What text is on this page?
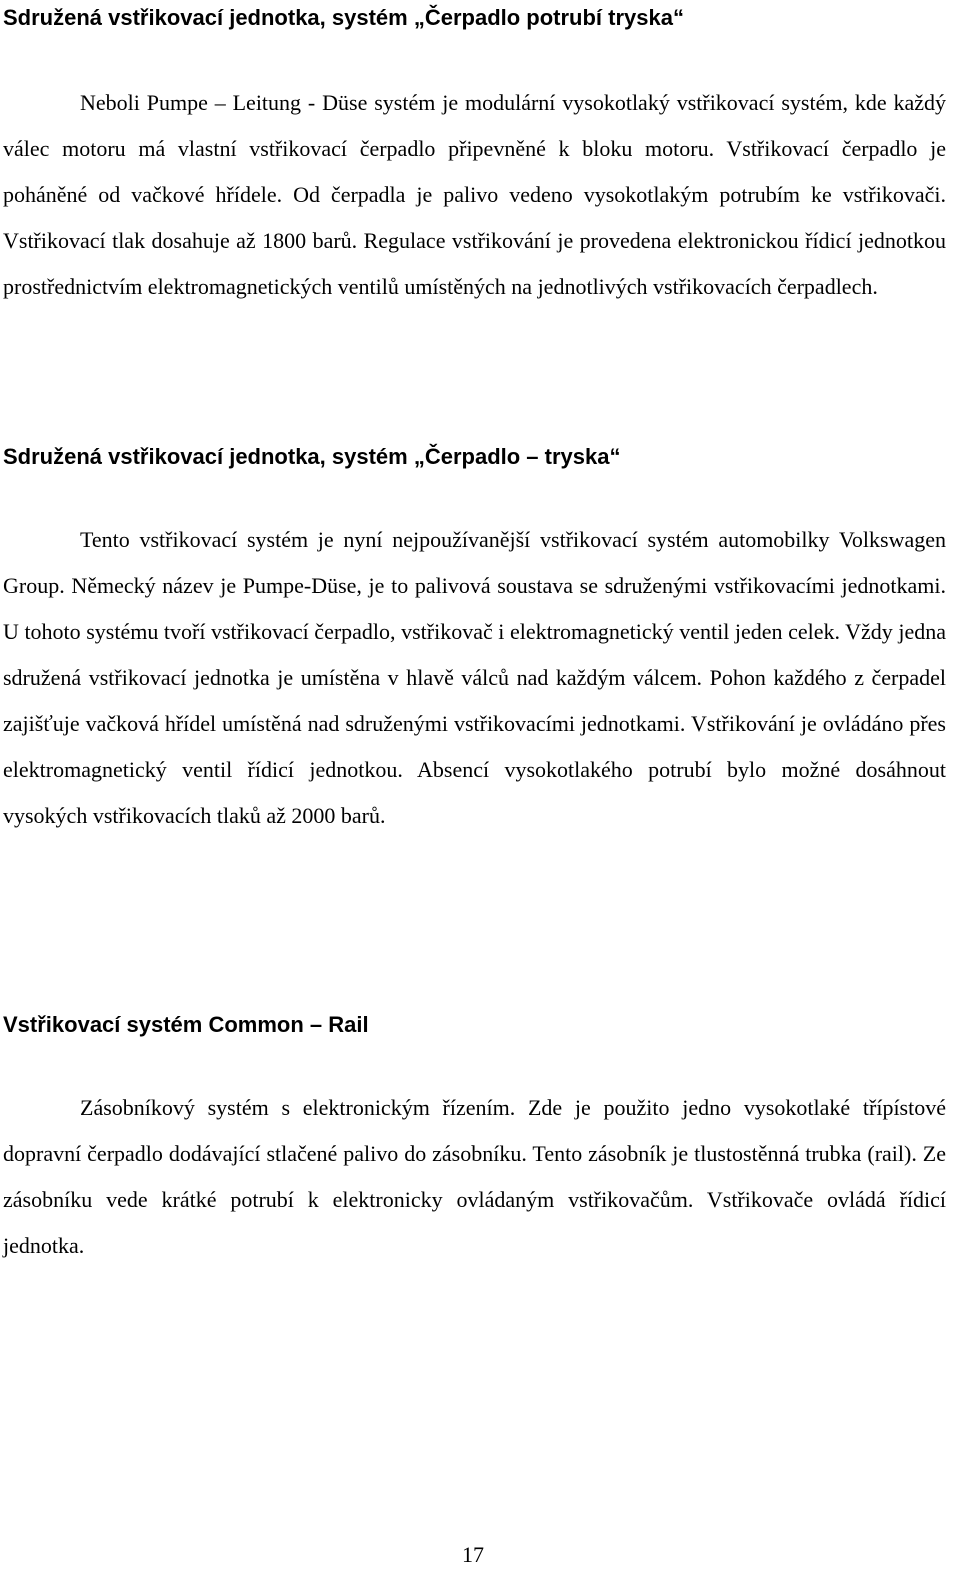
Sdružená vstřikovací jednotka, systém „Čerpadlo potrubí tryska“

Neboli Pumpe – Leitung - Düse systém je modulární vysokotlaký vstřikovací systém, kde každý válec motoru má vlastní vstřikovací čerpadlo připevněné k bloku motoru. Vstřikovací čerpadlo je poháněné od vačkové hřídele. Od čerpadla je palivo vedeno vysokotlakým potrubím ke vstřikovači. Vstřikovací tlak dosahuje až 1800 barů. Regulace vstřikování je provedena elektronickou řídicí jednotkou prostřednictvím elektromagnetických ventilů umístěných na jednotlivých vstřikovacích čerpadlech.

Sdružená vstřikovací jednotka, systém „Čerpadlo – tryska“

Tento vstřikovací systém je nyní nejpoužívanější vstřikovací systém automobilky Volkswagen Group. Německý název je Pumpe-Düse, je to palivová soustava se sdruženými vstřikovacími jednotkami. U tohoto systému tvoří vstřikovací čerpadlo, vstřikovač i elektromagnetický ventil jeden celek. Vždy jedna sdružená vstřikovací jednotka je umístěna v hlavě válců nad každým válcem. Pohon každého z čerpadel zajišťuje vačková hřídel umístěná nad sdruženými vstřikovacími jednotkami. Vstřikování je ovládáno přes elektromagnetický ventil řídicí jednotkou. Absencí vysokotlakého potrubí bylo možné dosáhnout vysokých vstřikovacích tlaků až 2000 barů.

Vstřikovací systém Common – Rail

Zásobníkový systém s elektronickým řízením. Zde je použito jedno vysokotlaké třípístové dopravní čerpadlo dodávající stlačené palivo do zásobníku. Tento zásobník je tlustostěnná trubka (rail). Ze zásobníku vede krátké potrubí k elektronicky ovládaným vstřikovačům. Vstřikovače ovládá řídicí jednotka.

17
